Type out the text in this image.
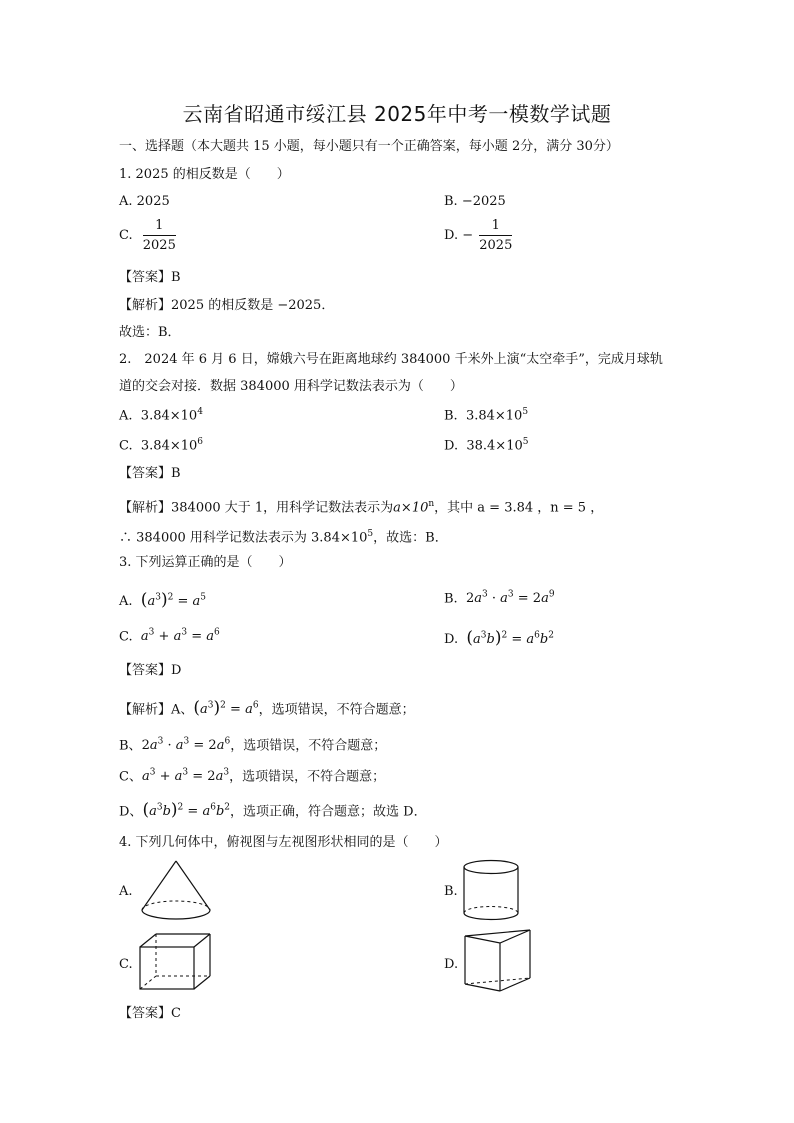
云南省昭通市绥江县 2025年中考一模数学试题
一、选择题（本大题共 15 小题，每小题只有一个正确答案，每小题 2分，满分 30分）
1. 2025 的相反数是（　　）
A. 2025	B. −2025
C. $\frac{1}{2025}$	D. − $\frac{1}{2025}$
【答案】B
【解析】2025 的相反数是 −2025．
故选：B．
2.　2024 年 6 月 6 日，嫦娥六号在距离地球约 384000 千米外上演“太空牵手”，完成月球轨
道的交会对接．数据 384000 用科学记数法表示为（　　）
A. $3.84\times 10^4$	B. $3.84\times 10^5$
C. $3.84\times 10^6$	D. $38.4\times 10^5$
【答案】B
【解析】384000 大于 1，用科学记数法表示为$a\times 10^n$，其中 a = 3.84 ，n = 5 ，
∴ 384000 用科学记数法表示为 $3.84\times 10^5$，故选：B．
3. 下列运算正确的是（　　）
A. $(a^3)^2 = a^5$	B. $2a^3 \cdot a^3 = 2a^9$
C. $a^3 + a^3 = a^6$	D. $(a^3b)^2 = a^6b^2$
【答案】D
【解析】A、$(a^3)^2 = a^6$，选项错误，不符合题意；
B、$2a^3 \cdot a^3 = 2a^6$，选项错误，不符合题意；
C、$a^3 + a^3 = 2a^3$，选项错误，不符合题意；
D、$(a^3b)^2 = a^6b^2$，选项正确，符合题意；故选 D．
4. 下列几何体中，俯视图与左视图形状相同的是（　　）
A.	B.
C.	D.
【答案】C
